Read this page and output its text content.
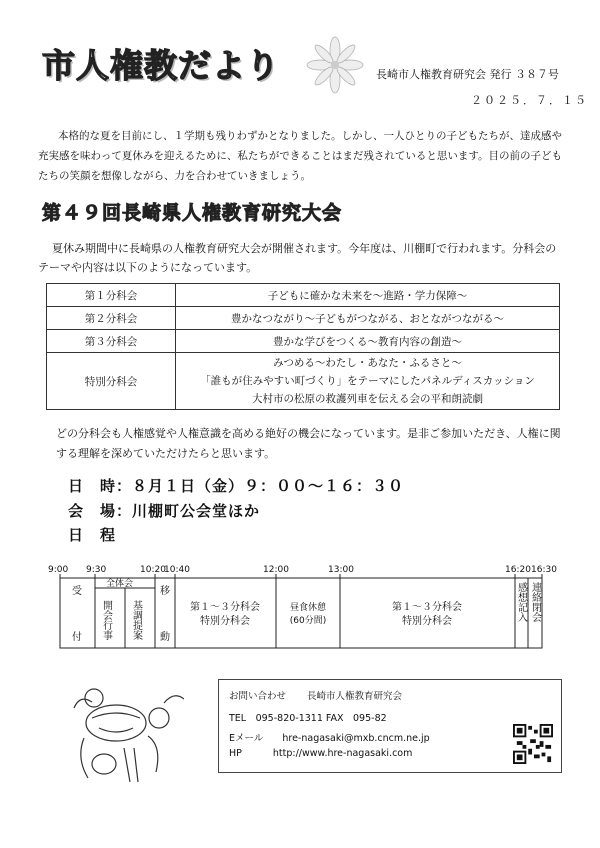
市人権教だより	長崎市人権教育研究会 発行 ３８７号
２０２５．７．１５
本格的な夏を目前にし、１学期も残りわずかとなりました。しかし、一人ひとりの子どもたちが、達成感や充実感を味わって夏休みを迎えるために、私たちができることはまだ残されていると思います。目の前の子どもたちの笑顔を想像しながら、力を合わせていきましょう。
第４９回長崎県人権教育研究大会
夏休み期間中に長崎県の人権教育研究大会が開催されます。今年度は、川棚町で行われます。分科会のテーマや内容は以下のようになっています。
第１分科会	子どもに確かな未来を～進路・学力保障～
第２分科会	豊かなつながり～子どもがつながる、おとながつながる～
第３分科会	豊かな学びをつくる～教育内容の創造～
特別分科会	みつめる～わたし・あなた・ふるさと～
「誰もが住みやすい町づくり」をテーマにしたパネルディスカッション
大村市の松原の救護列車を伝える会の平和朗読劇
どの分科会も人権感覚や人権意識を高める絶好の機会になっています。是非ご参加いただき、人権に関する理解を深めていただけたらと思います。
日　時：８月１日（金）９：００～１６：３０
会　場：川棚町公会堂ほか
日　程
9:00 9:30	10:20
10:40	12:00	13:00	16:20 16:30
受
付
全体会
開会行事 基調提案
移
動
第１～３分科会
特別分科会
昼食休憩
(60分間)
第１～３分科会
特別分科会	感想記入 連絡閉会
お問い合わせ 長崎市人権教育研究会
TEL　095-820-1311 FAX　095-82
Eメール hre-nagasaki@mxb.cncm.ne.jp
HP	http://www.hre-nagasaki.com
